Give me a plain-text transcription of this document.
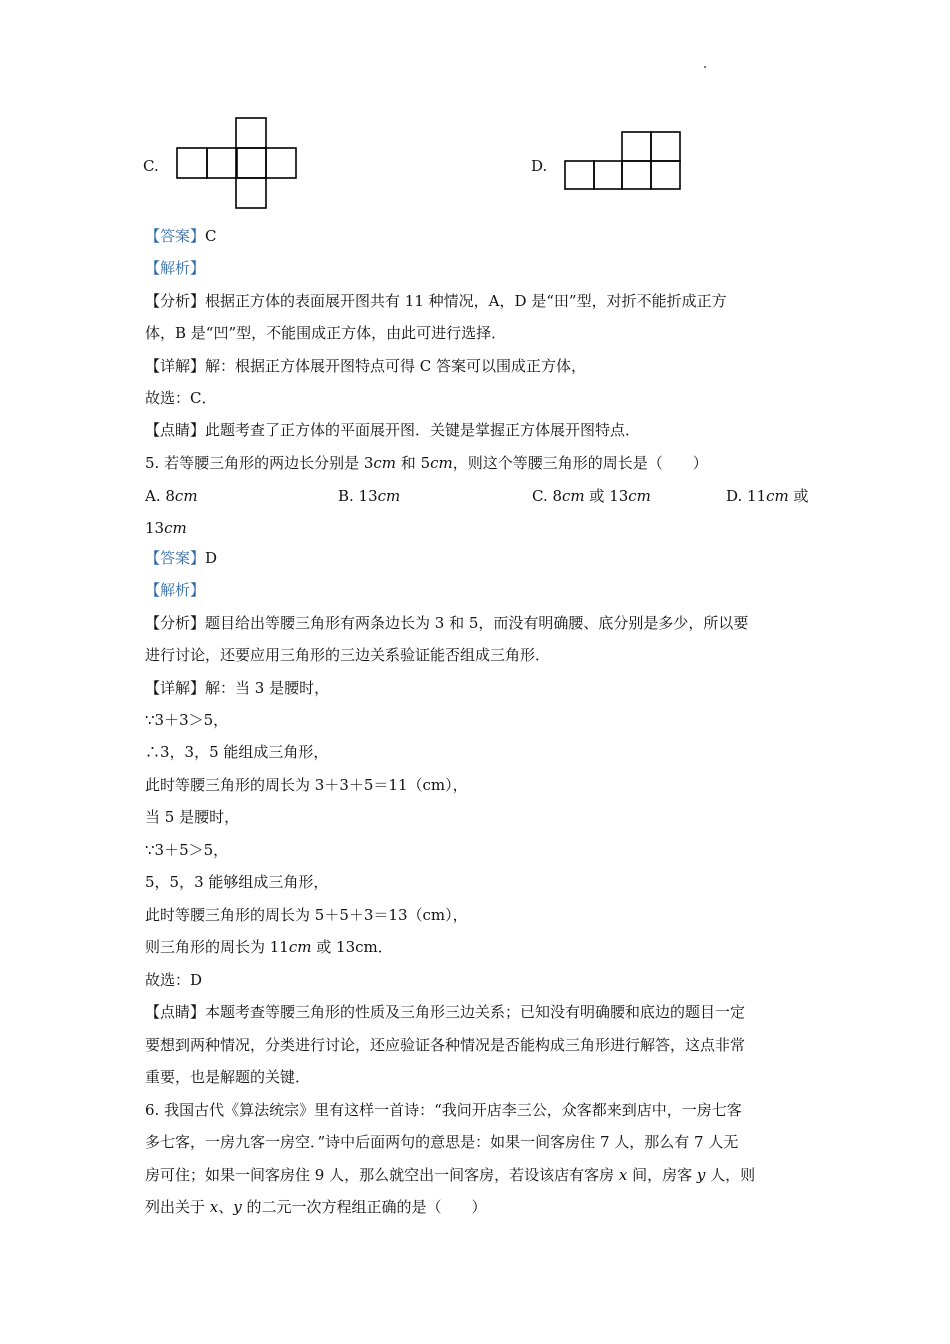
C.	D.
【答案】C
【解析】
【分析】根据正方体的表面展开图共有 11 种情况，A，D 是“田”型，对折不能折成正方
体，B 是“凹”型，不能围成正方体，由此可进行选择．
【详解】解：根据正方体展开图特点可得 C 答案可以围成正方体，
故选：C．
【点睛】此题考查了正方体的平面展开图．关键是掌握正方体展开图特点．
5. 若等腰三角形的两边长分别是 3cm 和 5cm，则这个等腰三角形的周长是（　　）
A. 8cm	B. 13cm	C. 8cm 或 13cm	D. 11cm 或
13cm
【答案】D
【解析】
【分析】题目给出等腰三角形有两条边长为 3 和 5，而没有明确腰、底分别是多少，所以要
进行讨论，还要应用三角形的三边关系验证能否组成三角形．
【详解】解：当 3 是腰时，
∵3＋3＞5，
∴3，3，5 能组成三角形，
此时等腰三角形的周长为 3＋3＋5＝11（cm），
当 5 是腰时，
∵3＋5＞5，
5，5，3 能够组成三角形，
此时等腰三角形的周长为 5＋5＋3＝13（cm），
则三角形的周长为 11cm 或 13cm．
故选：D
【点睛】本题考查等腰三角形的性质及三角形三边关系；已知没有明确腰和底边的题目一定
要想到两种情况，分类进行讨论，还应验证各种情况是否能构成三角形进行解答，这点非常
重要，也是解题的关键．
6. 我国古代《算法统宗》里有这样一首诗：“我问开店李三公，众客都来到店中，一房七客
多七客，一房九客一房空．”诗中后面两句的意思是：如果一间客房住 7 人，那么有 7 人无
房可住；如果一间客房住 9 人，那么就空出一间客房，若设该店有客房 x 间，房客 y 人，则
列出关于 x、y 的二元一次方程组正确的是（　　）
